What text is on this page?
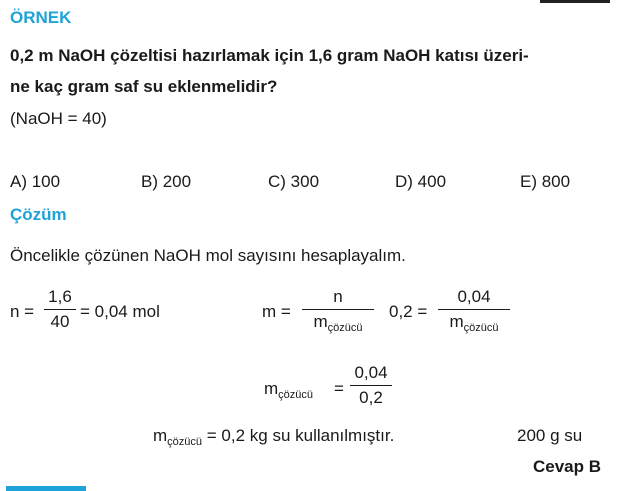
ÖRNEK
0,2 m NaOH çözeltisi hazırlamak için 1,6 gram NaOH katısı üzeri-
ne kaç gram saf su eklenmelidir?
(NaOH = 40)
A) 100	B) 200	C) 300	D) 400	E) 800
Çözüm
Öncelikle çözünen NaOH mol sayısını hesaplayalım.
n =
1,6
40
= 0,04 mol	m =
n
$m_{çözücü}$
0,2 =
0,04
$m_{çözücü}$
$m_{çözücü}$ =
0,04
0,2
$m_{çözücü} = 0,2$ kg su kullanılmıştır.	200 g su
Cevap B
